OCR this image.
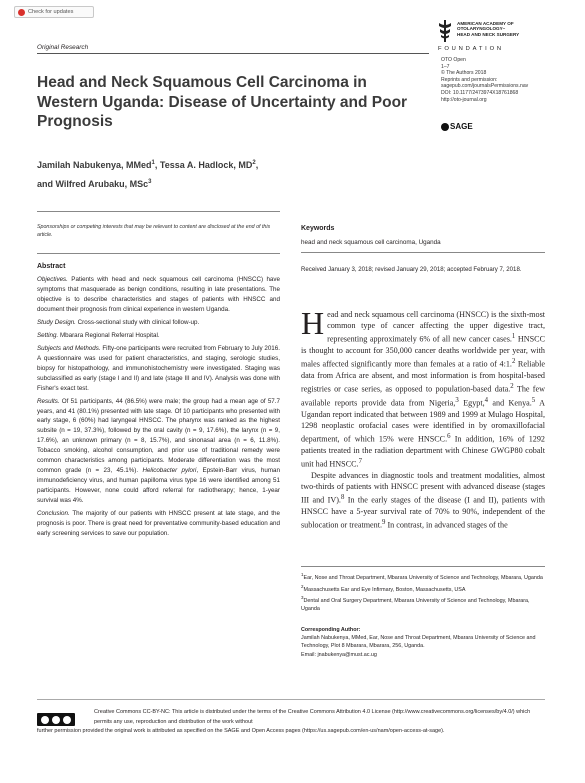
Check for updates
AMERICAN ACADEMY OF
OTOLARYNGOLOGY–
HEAD AND NECK SURGERY
FOUNDATION
Original Research
OTO Open
1–7
© The Authors 2018
Reprints and permission:
sagepub.com/journalsPermissions.nav
DOI: 10.1177/2473974X18761868
http://oto-journal.org
SAGE
Head and Neck Squamous Cell Carcinoma in Western Uganda: Disease of Uncertainty and Poor Prognosis
Jamilah Nabukenya, MMed$^1$, Tessa A. Hadlock, $MD^2$,
and Wilfred Arubaku, MSc$^3$
Sponsorships or competing interests that may be relevant to content are disclosed at the end of this article.
Abstract

Objectives. Patients with head and neck squamous cell carcinoma (HNSCC) have symptoms that masquerade as benign conditions, resulting in late presentations. The objective is to describe characteristics and stages of patients with HNSCC and document their prognosis from clinical experience in western Uganda.

Study Design. Cross-sectional study with clinical follow-up.

Setting. Mbarara Regional Referral Hospital.

Subjects and Methods. Fifty-one participants were recruited from February to July 2016. A questionnaire was used for patient characteristics, and staging, serologic studies, biopsy for histopathology, and immunohistochemistry were investigated. Staging was subclassified as early (stage I and II) and late (stage III and IV). Analysis was done with Fisher's exact test.

Results. Of 51 participants, 44 (86.5%) were male; the group had a mean age of 57.7 years, and 41 (80.1%) presented with late stage. Of 10 participants who presented with early stage, 6 (60%) had laryngeal HNSCC. The pharynx was ranked as the highest subsite (n = 19, 37.3%), followed by the oral cavity (n = 9, 17.6%), the larynx (n = 9, 17.6%), an unknown primary (n = 8, 15.7%), and sinonasal area (n = 6, 11.8%). Tobacco smoking, alcohol consumption, and prior use of traditional remedy were common characteristics among participants. Moderate differentiation was the most common grade (n = 23, 45.1%). Helicobacter pylori, Epstein-Barr virus, human immunodeficiency virus, and human papilloma virus type 16 were identified among 51 participants. However, none could afford referral for radiotherapy; hence, 1-year survival was 4%.

Conclusion. The majority of our patients with HNSCC present at late stage, and the prognosis is poor. There is great need for preventative community-based education and early screening services to save our population.

Keywords
head and neck squamous cell carcinoma, Uganda
Received January 3, 2018; revised January 29, 2018; accepted February 7, 2018.

Head and neck squamous cell carcinoma (HNSCC) is the sixth-most common type of cancer affecting the upper digestive tract, representing approximately 6% of all new cancer cases.$^1$ HNSCC is thought to account for 350,000 cancer deaths worldwide per year, with males affected significantly more than females at a ratio of 4:1.$^2$ Reliable data from Africa are absent, and most information is from hospital-based registries or case series, as opposed to population-based data.$^2$ The few available reports provide data from Nigeria,$^3$ Egypt,$^4$ and Kenya.$^5$ A Ugandan report indicated that between 1989 and 1999 at Mulago Hospital, 1298 neoplastic orofacial cases were identified in by oromaxillofacial department, of which 15% were HNSCC.$^6$ In addition, 16% of 1292 patients treated in the radiation department with Chinese GWGP80 cobalt unit had HNSCC.$^7$

Despite advances in diagnostic tools and treatment modalities, almost two-thirds of patients with HNSCC present with advanced disease (stages III and IV).$^8$ In the early stages of the disease (I and II), patients with HNSCC have a 5-year survival rate of 70% to 90%, independent of the sublocation or treatment.$^9$ In contrast, in advanced stages of the

$^1$Ear, Nose and Throat Department, Mbarara University of Science and Technology, Mbarara, Uganda
$^2$Massachusetts Ear and Eye Infirmary, Boston, Massachusetts, USA
$^3$Dental and Oral Surgery Department, Mbarara University of Science and Technology, Mbarara, Uganda
Corresponding Author:
Jamilah Nabukenya, MMed, Ear, Nose and Throat Department, Mbarara University of Science and Technology, Plot 8 Mbarara, Mbarara, 256, Uganda.
Email: jnabukenya@must.ac.ug
Creative Commons CC-BY-NC: This article is distributed under the terms of the Creative Commons Attribution 4.0 License (http://www.creativecommons.org/licenses/by/4.0/) which permits any use, reproduction and distribution of the work without
further permission provided the original work is attributed as specified on the SAGE and Open Access pages (https://us.sagepub.com/en-us/nam/open-access-at-sage).
